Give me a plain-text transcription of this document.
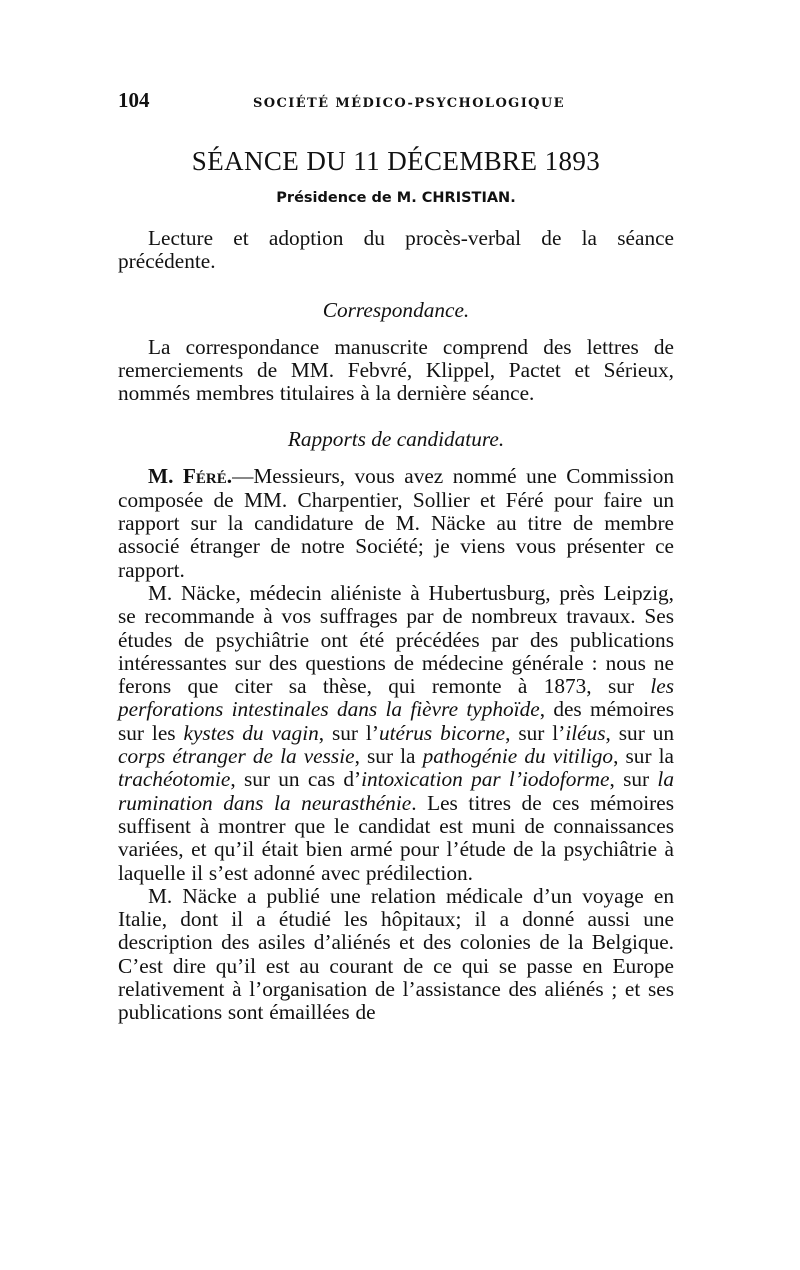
104	SOCIÉTÉ MÉDICO-PSYCHOLOGIQUE
SÉANCE DU 11 DÉCEMBRE 1893
Présidence de M. CHRISTIAN.

Lecture et adoption du procès-verbal de la séance précédente.

Correspondance.

La correspondance manuscrite comprend des lettres de remerciements de MM. Febvré, Klippel, Pactet et Sérieux, nommés membres titulaires à la dernière séance.

Rapports de candidature.

M. Féré.—Messieurs, vous avez nommé une Commission composée de MM. Charpentier, Sollier et Féré pour faire un rapport sur la candidature de M. Näcke au titre de membre associé étranger de notre Société; je viens vous présenter ce rapport.

M. Näcke, médecin aliéniste à Hubertusburg, près Leipzig, se recommande à vos suffrages par de nombreux travaux. Ses études de psychiâtrie ont été précédées par des publications intéressantes sur des questions de médecine générale : nous ne ferons que citer sa thèse, qui remonte à 1873, sur les perforations intestinales dans la fièvre typhoïde, des mémoires sur les kystes du vagin, sur l’utérus bicorne, sur l’iléus, sur un corps étranger de la vessie, sur la pathogénie du vitiligo, sur la trachéotomie, sur un cas d’intoxication par l’iodoforme, sur la rumination dans la neurasthénie. Les titres de ces mémoires suffisent à montrer que le candidat est muni de connaissances variées, et qu’il était bien armé pour l’étude de la psychiâtrie à laquelle il s’est adonné avec prédilection.

M. Näcke a publié une relation médicale d’un voyage en Italie, dont il a étudié les hôpitaux; il a donné aussi une description des asiles d’aliénés et des colonies de la Belgique. C’est dire qu’il est au courant de ce qui se passe en Europe relativement à l’organisation de l’assistance des aliénés ; et ses publications sont émaillées de
